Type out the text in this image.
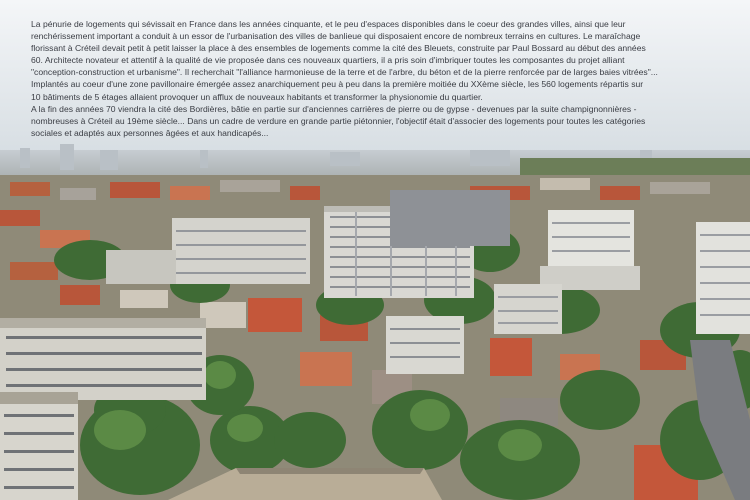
La pénurie de logements qui sévissait en France dans les années cinquante, et le peu d'espaces disponibles dans le coeur des grandes villes, ainsi que leur
renchérissement important a conduit à un essor de l'urbanisation des villes de banlieue qui disposaient encore de nombreux terrains en cultures. Le maraîchage
florissant à Créteil devait petit à petit laisser la place à des ensembles de logements comme la cité des Bleuets, construite par Paul Bossard au début des années
60. Architecte novateur et attentif à la qualité de vie proposée dans ces nouveaux quartiers, il a pris soin d'imbriquer toutes les composantes du projet alliant
"conception-construction et urbanisme". Il recherchait "l'alliance harmonieuse de la terre et de l'arbre, du béton et de la pierre renforcée par de larges baies vitrées"...
Implantés au coeur d'une zone pavillonaire émergée assez anarchiquement peu à peu dans la première moitiée du XXème siècle, les 560 logements répartis sur
10 bâtiments de 5 étages allaient provoquer un afflux de nouveaux habitants et transformer la physionomie du quartier.

A la fin des années 70 viendra la cité des Bordières, bâtie en partie sur d'anciennes carrières de pierre ou de gypse - devenues par la suite champignonnières -
nombreuses à Créteil au 19ème siècle... Dans un cadre de verdure en grande partie piétonnier, l'objectif était d'associer des logements pour toutes les catégories
sociales et adaptés aux personnes âgées et aux handicapés...
